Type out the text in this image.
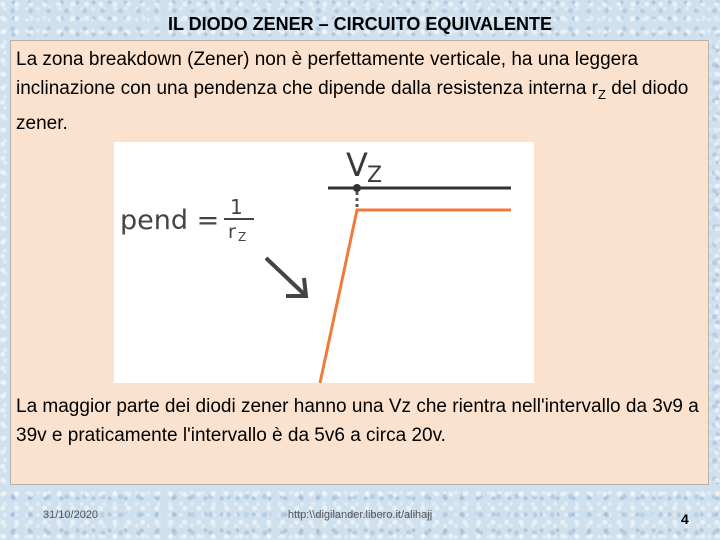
IL DIODO ZENER – CIRCUITO EQUIVALENTE
La zona breakdown (Zener) non è perfettamente verticale, ha una leggera inclinazione con una pendenza che dipende dalla resistenza interna $r_Z$ del diodo zener.
V Z
pend = 1
r Z
La maggior parte dei diodi zener hanno una Vz che rientra nell'intervallo da 3v9 a 39v e praticamente l'intervallo è da 5v6 a circa 20v.
31/10/2020	http:\\digilander.libero.it/alihajj	4
